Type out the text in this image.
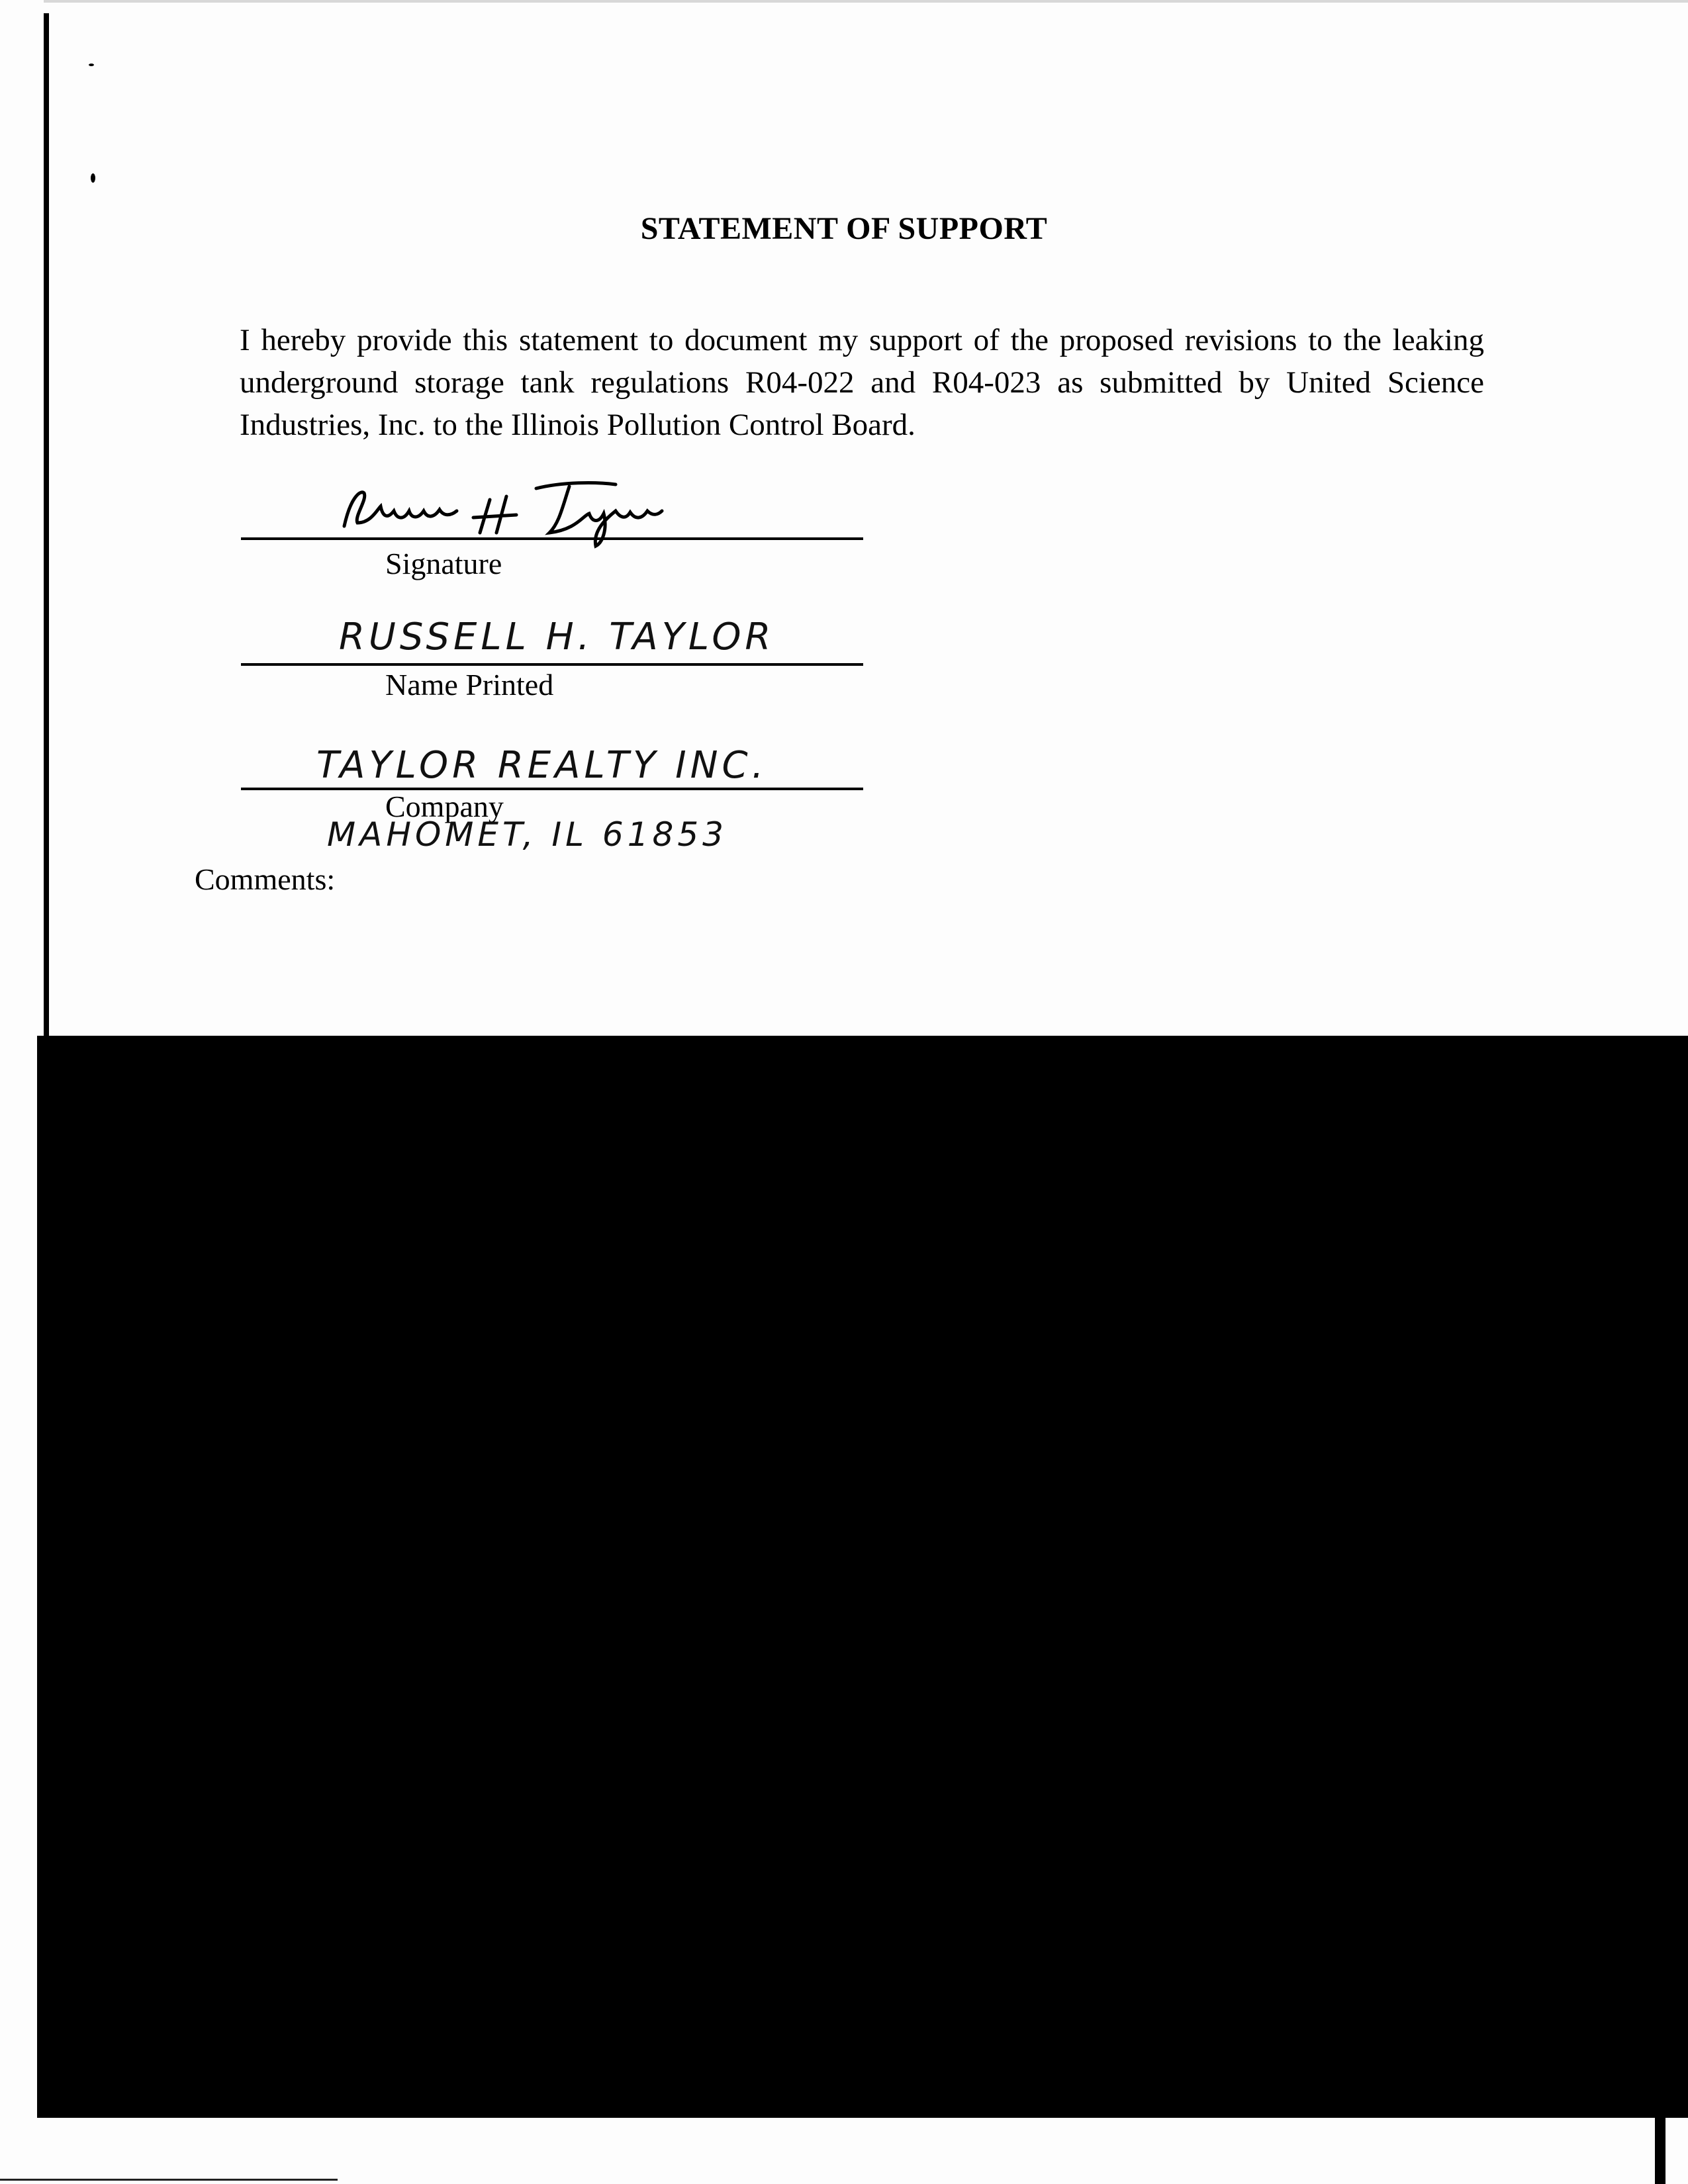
STATEMENT OF SUPPORT
I hereby provide this statement to document my support of the proposed revisions to the leaking underground storage tank regulations R04-022 and R04-023 as submitted by United Science Industries, Inc. to the Illinois Pollution Control Board.
Signature
RUSSELL H. TAYLOR
Name Printed
TAYLOR REALTY INC.
Company
MAHOMET, IL 61853
Comments:
